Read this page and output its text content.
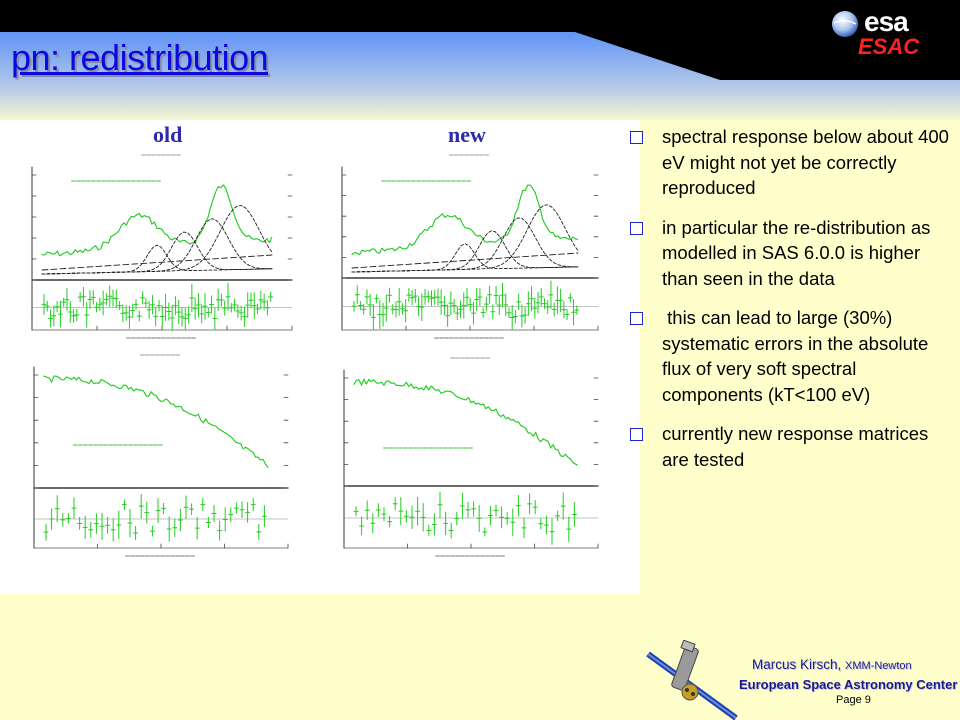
pn: redistribution
esa
ESAC
old	new	spectral response below about 400 eV might not yet be correctly reproduced
in particular the re-distribution as modelled in SAS 6.0.0 is higher than seen in the data
this can lead to large (30%) systematic errors in the absolute flux of very soft spectral components (kT<100 eV)
currently new response matrices are tested
Marcus Kirsch, XMM-Newton
European Space Astronomy Center
Page 9
